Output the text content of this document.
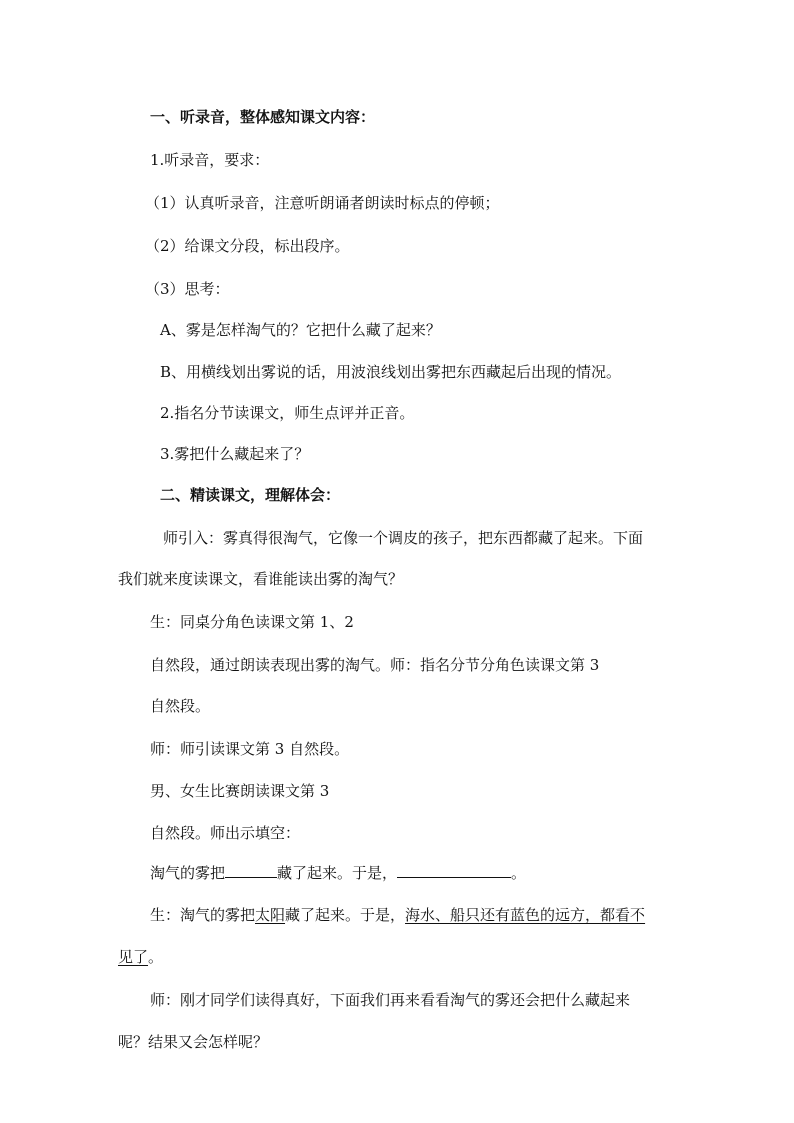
一、听录音，整体感知课文内容：
1.听录音，要求：
（1）认真听录音，注意听朗诵者朗读时标点的停顿；
（2）给课文分段，标出段序。
（3）思考：
A、雾是怎样淘气的？它把什么藏了起来？
B、用横线划出雾说的话，用波浪线划出雾把东西藏起后出现的情况。
2.指名分节读课文，师生点评并正音。
3.雾把什么藏起来了？
二、精读课文，理解体会：
师引入：雾真得很淘气，它像一个调皮的孩子，把东西都藏了起来。下面
我们就来度读课文，看谁能读出雾的淘气？
生：同桌分角色读课文第 1、2
自然段，通过朗读表现出雾的淘气。师：指名分节分角色读课文第 3
自然段。
师：师引读课文第 3 自然段。
男、女生比赛朗读课文第 3
自然段。师出示填空：
淘气的雾把	藏了起来。于是，	。
生：淘气的雾把太阳藏了起来。于是，海水、船只还有蓝色的远方，都看不
见了。
师：刚才同学们读得真好，下面我们再来看看淘气的雾还会把什么藏起来
呢？结果又会怎样呢？
